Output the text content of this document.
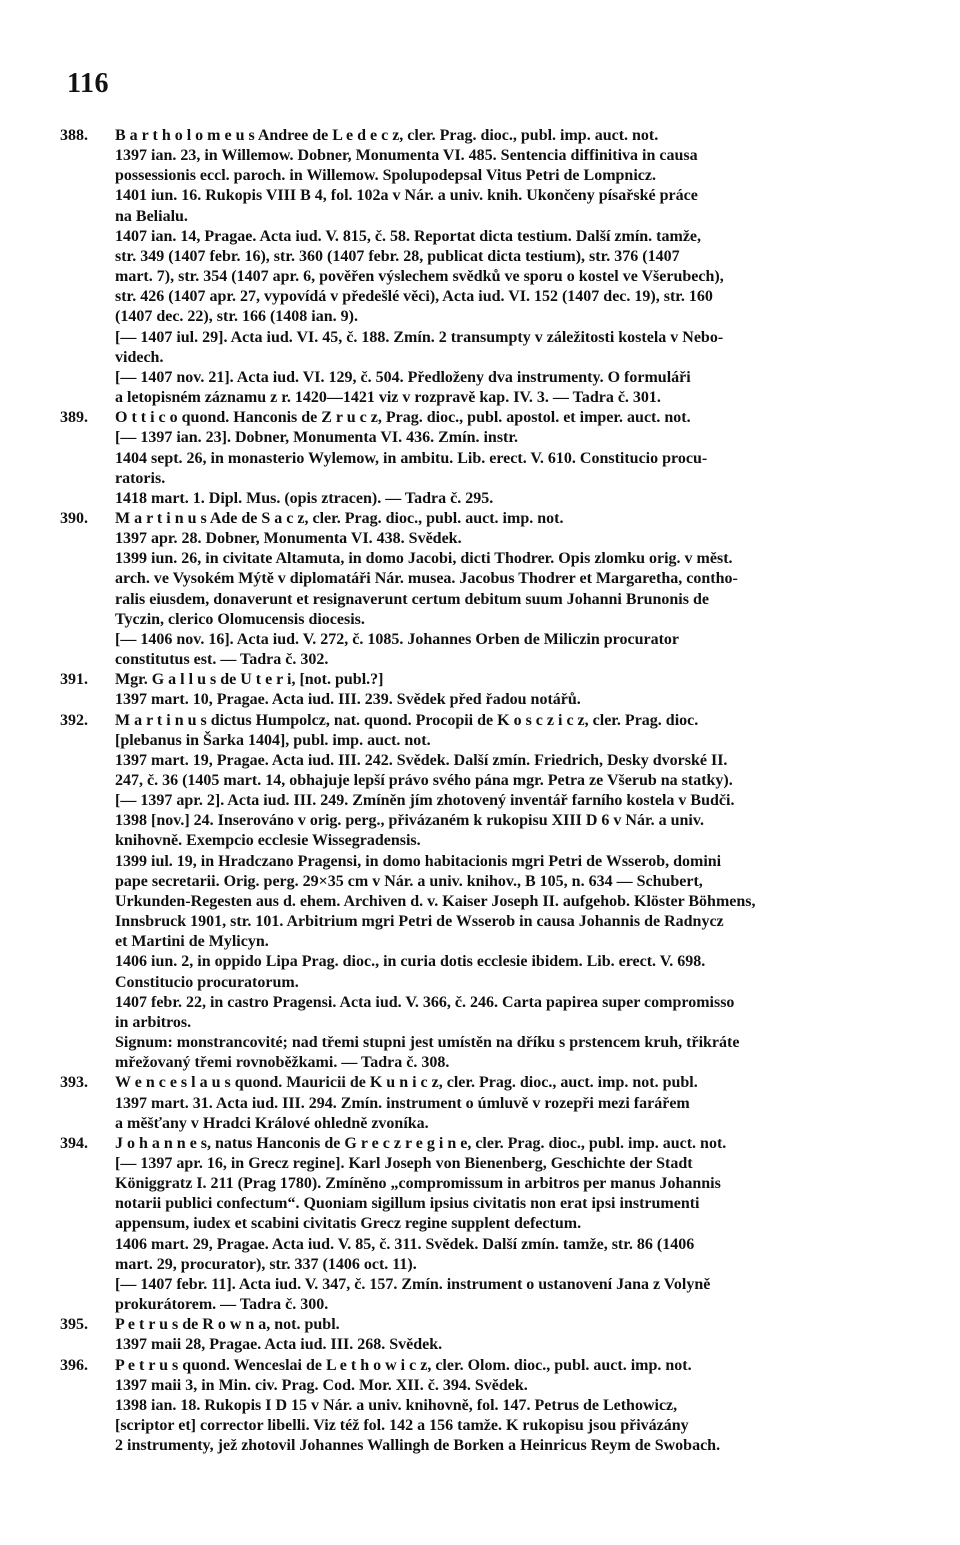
116
388.	B a r t h o l o m e u s Andree de L e d e c z, cler. Prag. dioc., publ. imp. auct. not.
1397 ian. 23, in Willemow. Dobner, Monumenta VI. 485. Sentencia diffinitiva in causa
possessionis eccl. paroch. in Willemow. Spolupodepsal Vitus Petri de Lompnicz.
1401 iun. 16. Rukopis VIII B 4, fol. 102a v Nár. a univ. knih. Ukončeny písařské práce
na Belialu.
1407 ian. 14, Pragae. Acta iud. V. 815, č. 58. Reportat dicta testium. Další zmín. tamže,
str. 349 (1407 febr. 16), str. 360 (1407 febr. 28, publicat dicta testium), str. 376 (1407
mart. 7), str. 354 (1407 apr. 6, pověřen výslechem svědků ve sporu o kostel ve Všerubech),
str. 426 (1407 apr. 27, vypovídá v předešlé věci), Acta iud. VI. 152 (1407 dec. 19), str. 160
(1407 dec. 22), str. 166 (1408 ian. 9).
[— 1407 iul. 29]. Acta iud. VI. 45, č. 188. Zmín. 2 transumpty v záležitosti kostela v Nebo-
videch.
[— 1407 nov. 21]. Acta iud. VI. 129, č. 504. Předloženy dva instrumenty. O formuláři
a letopisném záznamu z r. 1420—1421 viz v rozpravě kap. IV. 3. — Tadra č. 301.
389.	O t t i c o quond. Hanconis de Z r u c z, Prag. dioc., publ. apostol. et imper. auct. not.
[— 1397 ian. 23]. Dobner, Monumenta VI. 436. Zmín. instr.
1404 sept. 26, in monasterio Wylemow, in ambitu. Lib. erect. V. 610. Constitucio procu-
ratoris.
1418 mart. 1. Dipl. Mus. (opis ztracen). — Tadra č. 295.
390.	M a r t i n u s Ade de S a c z, cler. Prag. dioc., publ. auct. imp. not.
1397 apr. 28. Dobner, Monumenta VI. 438. Svědek.
1399 iun. 26, in civitate Altamuta, in domo Jacobi, dicti Thodrer. Opis zlomku orig. v měst.
arch. ve Vysokém Mýtě v diplomatáři Nár. musea. Jacobus Thodrer et Margaretha, contho-
ralis eiusdem, donaverunt et resignaverunt certum debitum suum Johanni Brunonis de
Tyczin, clerico Olomucensis diocesis.
[— 1406 nov. 16]. Acta iud. V. 272, č. 1085. Johannes Orben de Miliczin procurator
constitutus est. — Tadra č. 302.
391.	Mgr. G a l l u s de U t e r i, [not. publ.?]
1397 mart. 10, Pragae. Acta iud. III. 239. Svědek před řadou notářů.
392.	M a r t i n u s dictus Humpolcz, nat. quond. Procopii de K o s c z i c z, cler. Prag. dioc.
[plebanus in Šarka 1404], publ. imp. auct. not.
1397 mart. 19, Pragae. Acta iud. III. 242. Svědek. Další zmín. Friedrich, Desky dvorské II.
247, č. 36 (1405 mart. 14, obhajuje lepší právo svého pána mgr. Petra ze Všerub na statky).
[— 1397 apr. 2]. Acta iud. III. 249. Zmíněn jím zhotovený inventář farního kostela v Budči.
1398 [nov.] 24. Inserováno v orig. perg., přivázaném k rukopisu XIII D 6 v Nár. a univ.
knihovně. Exempcio ecclesie Wissegradensis.
1399 iul. 19, in Hradczano Pragensi, in domo habitacionis mgri Petri de Wsserob, domini
pape secretarii. Orig. perg. 29×35 cm v Nár. a univ. knihov., B 105, n. 634 — Schubert,
Urkunden-Regesten aus d. ehem. Archiven d. v. Kaiser Joseph II. aufgehob. Klöster Böhmens,
Innsbruck 1901, str. 101. Arbitrium mgri Petri de Wsserob in causa Johannis de Radnycz
et Martini de Mylicyn.
1406 iun. 2, in oppido Lipa Prag. dioc., in curia dotis ecclesie ibidem. Lib. erect. V. 698.
Constitucio procuratorum.
1407 febr. 22, in castro Pragensi. Acta iud. V. 366, č. 246. Carta papirea super compromisso
in arbitros.
Signum: monstrancovité; nad třemi stupni jest umístěn na dříku s prstencem kruh, třikráte
mřežovaný třemi rovnoběžkami. — Tadra č. 308.
393.	W e n c e s l a u s quond. Mauricii de K u n i c z, cler. Prag. dioc., auct. imp. not. publ.
1397 mart. 31. Acta iud. III. 294. Zmín. instrument o úmluvě v rozepři mezi farářem
a měšťany v Hradci Králové ohledně zvoníka.
394.	J o h a n n e s, natus Hanconis de G r e c z r e g i n e, cler. Prag. dioc., publ. imp. auct. not.
[— 1397 apr. 16, in Grecz regine]. Karl Joseph von Bienenberg, Geschichte der Stadt
Königgratz I. 211 (Prag 1780). Zmíněno „compromissum in arbitros per manus Johannis
notarii publici confectum“. Quoniam sigillum ipsius civitatis non erat ipsi instrumenti
appensum, iudex et scabini civitatis Grecz regine supplent defectum.
1406 mart. 29, Pragae. Acta iud. V. 85, č. 311. Svědek. Další zmín. tamže, str. 86 (1406
mart. 29, procurator), str. 337 (1406 oct. 11).
[— 1407 febr. 11]. Acta iud. V. 347, č. 157. Zmín. instrument o ustanovení Jana z Volyně
prokurátorem. — Tadra č. 300.
395.	P e t r u s de R o w n a, not. publ.
1397 maii 28, Pragae. Acta iud. III. 268. Svědek.
396.	P e t r u s quond. Wenceslai de L e t h o w i c z, cler. Olom. dioc., publ. auct. imp. not.
1397 maii 3, in Min. civ. Prag. Cod. Mor. XII. č. 394. Svědek.
1398 ian. 18. Rukopis I D 15 v Nár. a univ. knihovně, fol. 147. Petrus de Lethowicz,
[scriptor et] corrector libelli. Viz též fol. 142 a 156 tamže. K rukopisu jsou přivázány
2 instrumenty, jež zhotovil Johannes Wallingh de Borken a Heinricus Reym de Swobach.
